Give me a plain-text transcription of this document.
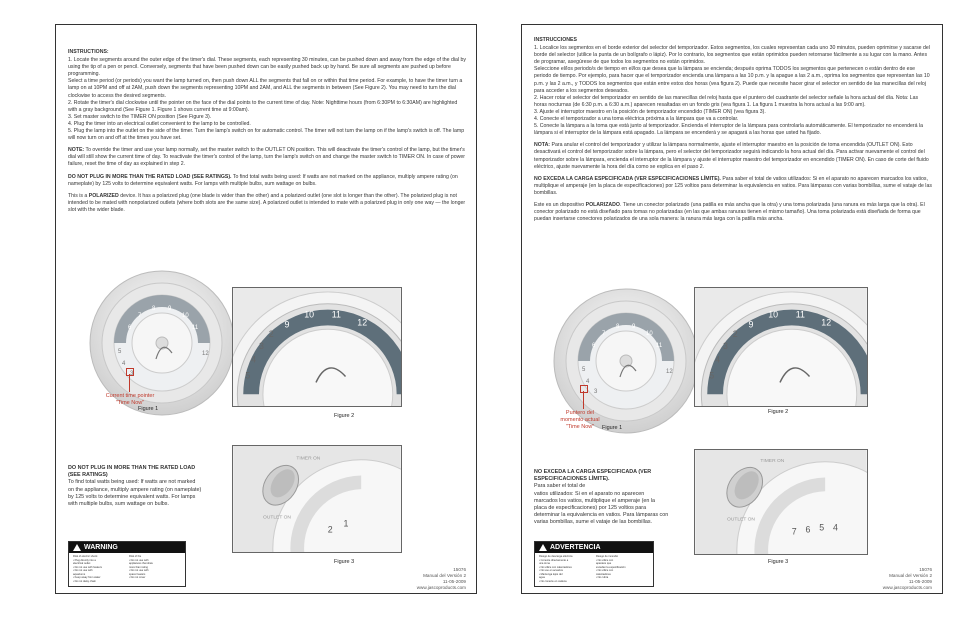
INSTRUCTIONS:

1. Locate the segments around the outer edge of the timer's dial. These segments, each representing 30 minutes, can be pushed down and away from the edge of the dial by using the tip of a pen or pencil. Conversely, segments that have been pushed down can be easily pushed back up by hand. Be sure all segments are pushed up before programming.
Select a time period (or periods) you want the lamp turned on, then push down ALL the segments that fall on or within that time period. For example, to have the timer turn a lamp on at 10PM and off at 2AM, push down the segments representing 10PM and 2AM, and ALL the segments in between (See Figure 2). You may need to turn the dial clockwise to access the desired segments.
2. Rotate the timer's dial clockwise until the pointer on the face of the dial points to the current time of day. Note: Nighttime hours (from 6:30PM to 6:30AM) are highlighted with a gray background (See Figure 1. Figure 1 shows current time at 9:00am).
3. Set master switch to the TIMER ON position (See Figure 3).
4. Plug the timer into an electrical outlet convenient to the lamp to be controlled.
5. Plug the lamp into the outlet on the side of the timer. Turn the lamp's switch on for automatic control. The timer will not turn the lamp on if the lamp's switch is off. The lamp will now turn on and off at the times you have set.

NOTE: To override the timer and use your lamp normally, set the master switch to the OUTLET ON position. This will deactivate the timer's control of the lamp, but the timer's dial will still show the current time of day. To reactivate the timer's control of the lamp, turn the lamp's switch on and change the master switch to TIMER ON. In case of power failure, reset the time of day as explained in step 2.

DO NOT PLUG IN MORE THAN THE RATED LOAD (SEE RATINGS). To find total watts being used: If watts are not marked on the appliance, multiply ampere rating (on nameplate) by 125 volts to determine equivalent watts. For lamps with multiple bulbs, sum wattage on bulbs.

This is a POLARIZED device. It has a polarized plug (one blade is wider than the other) and a polarized outlet (one slot is longer than the other). The polarized plug is not intended to be mated with nonpolarized outlets (where both slots are the same size). A polarized outlet is intended to mate with a polarized plug in only one way — the longer slot with the wider blade.

6
7
8 9
10
11
5
4
3
12
Current time pointer
"Time Now"
Figure 1
9
10 11
12
5
4
3
2
Figure 2
2
1
TIMER ON
OUTLET ON
Figure 3
DO NOT PLUG IN MORE THAN THE RATED LOAD
(SEE RATINGS)
To find total watts being used: If watts are not marked
on the appliance, multiply ampere rating (on nameplate)
by 125 volts to determine equivalent watts. For lamps
with multiple bulbs, sum wattage on bulbs.
WARNING
Risk of electric shock
• Plug directly into a
electrical outlet
• Do not use with heaters
• Do not use with
aquariums
• Keep away from water
• Do not daisy chain
Risk of fire
• Do not use with
appliances that draw
more than rating
• Do not use with
space heaters
• Do not cover
15076
Manual del Versión 2
11-05-2009
www.jascoproducts.com

INSTRUCCIONES

1. Localice los segmentos en el borde exterior del selector del temporizador. Estos segmentos, los cuales representan cada uno 30 minutos, pueden oprimirse y sacarse del borde del selector (utilice la punta de un bolígrafo o lápiz). Por lo contrario, los segmentos que están oprimidos pueden retornarse fácilmente a su lugar con la mano. Antes de programar, asegúrese de que todos los segmentos no están oprimidos.
Seleccione el/los periodo/s de tiempo en el/los que desea que la lámpara se encienda; después oprima TODOS los segmentos que pertenecen o están dentro de ese periodo de tiempo. Por ejemplo, para hacer que el temporizador encienda una lámpara a las 10 p.m. y la apague a las 2 a.m., oprima los segmentos que representan las 10 p.m. y las 2 a.m., y TODOS los segmentos que están entre estos dos horas (vea figura 2). Puede que necesite hacer girar el selector en sentido de las manecillas del reloj para acceder a los segmentos deseados.
2. Hacer rotar el selector del temporizador en sentido de las manecillas del reloj hasta que el puntero del cuadrante del selector señale la hora actual del día. Nota: Las horas nocturnas (de 6:30 p.m. a 6:30 a.m.) aparecen resaltadas en un fondo gris (vea figura 1. La figura 1 muestra la hora actual a las 9:00 am).
3. Ajuste el interruptor maestro en la posición de temporizador encendido (TIMER ON) (vea figura 3).
4. Conecte el temporizador a una toma eléctrica próxima a la lámpara que va a controlar.
5. Conecte la lámpara a la toma que está junto al temporizador. Encienda el interruptor de la lámpara para controlarla automáticamente. El temporizador no encenderá la lámpara si el interruptor de la lámpara está apagado. La lámpara se encenderá y se apagará a las horas que usted ha fijado.

NOTA: Para anular el control del temporizador y utilizar la lámpara normalmente, ajuste el interruptor maestro en la posición de toma encendida (OUTLET ON). Esto desactivará el control del temporizador sobre la lámpara, pero el selector del temporizador seguirá indicando la hora actual del día. Para activar nuevamente el control del temporizador sobre la lámpara, encienda el interruptor de la lámpara y ajuste el interruptor maestro del temporizador en encendido (TIMER ON). En caso de corte del fluido eléctrico, ajuste nuevamente la hora del día como se explica en el paso 2.

NO EXCEDA LA CARGA ESPECIFICADA (VER ESPECIFICACIONES LÍMITE). Para saber el total de vatios utilizados: Si en el aparato no aparecen marcados los vatios, multiplique el amperaje (en la placa de especificaciones) por 125 voltios para determinar la equivalencia en vatios. Para lámparas con varias bombillas, sume el vataje de las bombillas.

Este es un dispositivo POLARIZADO. Tiene un conector polarizado (una patilla es más ancha que la otra) y una toma polarizada (una ranura es más larga que la otra). El conector polarizado no está diseñado para tomas no polarizadas (en las que ambas ranuras tienen el mismo tamaño). Una toma polarizada está diseñada de forma que puedan insertarse conectores polarizados de una sola manera: la ranura más larga con la patilla más ancha.

6
7
8 9
10
11
5
4
3
12
Puntero del
momento actual
"Time Now"	Figure 1
9
10 11
12
5
4
3
2
Figure 2
7 6 5 4
TIMER ON
OUTLET ON
Figure 3
NO EXCEDA LA CARGA ESPECIFICADA (VER
ESPECIFICACIONES LÍMITE).
Para saber el total de
vatios utilizados: Si en el aparato no aparecen
marcados los vatios, multiplique el amperaje (en la
placa de especificaciones) por 125 voltios para
determinar la equivalencia en vatios. Para lámparas con
varias bombillas, sume el vataje de las bombillas.
ADVERTENCIA
Riesgo de descarga eléctrica
• Conecte directamente a
una toma
• No utilice con calentadores
• No use en acuarios
• Mantenga lejos del
agua
• No conecte en cadena
Riesgo de incendio
• No utilice con
aparatos que
excedan la especificación
• No utilice con
calentadores
• No cubra
15076
Manual del Versión 2
11-05-2009
www.jascoproducts.com
